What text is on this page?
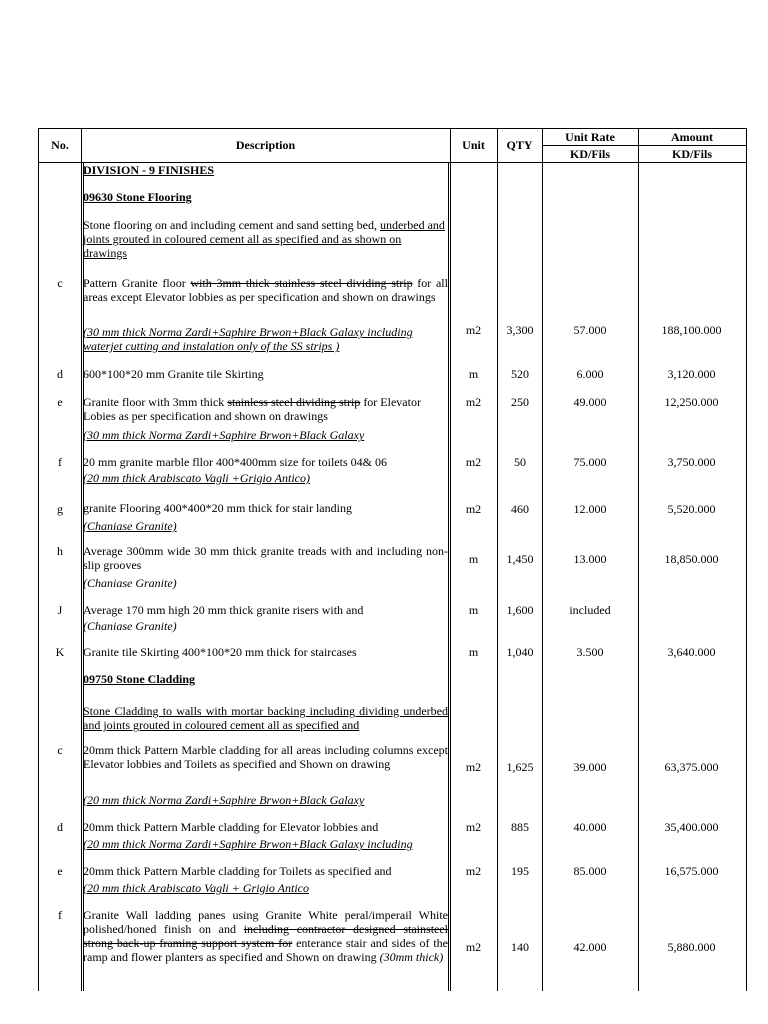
No.	Description	Unit	QTY
Unit Rate	Amount
KD/Fils	KD/Fils
DIVISION - 9 FINISHES
09630 Stone Flooring
Stone flooring on and including cement and sand setting bed, underbed and joints grouted in coloured cement all as specified and as shown on drawings
c	Pattern Granite floor with 3mm thick stainless steel dividing strip for all areas except Elevator lobbies as per specification and shown on drawings
(30 mm thick Norma Zardi+Saphire Brwon+Black Galaxy including waterjet cutting and instalation only of the SS strips )
m2	3,300	57.000	188,100.000
d	600*100*20 mm Granite tile Skirting	m	520	6.000	3,120.000
e	Granite floor with 3mm thick stainless steel dividing strip for Elevator Lobies as per specification and shown on drawings
(30 mm thick Norma Zardi+Saphire Brwon+Black Galaxy
m2	250	49.000	12,250.000
f	20 mm granite marble fllor 400*400mm size for toilets 04& 06
(20 mm thick Arabiscato Vagli +Grigio Antico)
m2	50	75.000	3,750.000
g	granite Flooring 400*400*20 mm thick for stair landing
(Chaniase Granite)
m2	460	12.000	5,520.000
h	Average 300mm wide 30 mm thick granite treads with and including non-slip grooves
(Chaniase Granite)
m	1,450	13.000	18,850.000
J	Average 170 mm high 20 mm thick granite risers with and
(Chaniase Granite)
m	1,600	included
K	Granite tile Skirting 400*100*20 mm thick for staircases	m	1,040	3.500	3,640.000
09750 Stone Cladding
Stone Cladding to walls with mortar backing including dividing underbed and joints grouted in coloured cement all as specified and
c	20mm thick Pattern Marble cladding for all areas including columns except Elevator lobbies and Toilets as specified and Shown on drawing
(20 mm thick Norma Zardi+Saphire Brwon+Black Galaxy
m2	1,625	39.000	63,375.000
d	20mm thick Pattern Marble cladding for Elevator lobbies and
(20 mm thick Norma Zardi+Saphire Brwon+Black Galaxy including
m2	885	40.000	35,400.000
e	20mm thick Pattern Marble cladding for Toilets as specified and
(20 mm thick Arabiscato Vagli + Grigio Antico
m2	195	85.000	16,575.000
f	Granite Wall ladding panes using Granite White peral/imperail White polished/honed finish on and including contractor designed stainsteel strong back-up framing support system for enterance stair and sides of the ramp and flower planters as specified and Shown on drawing (30mm thick)
m2	140	42.000	5,880.000
